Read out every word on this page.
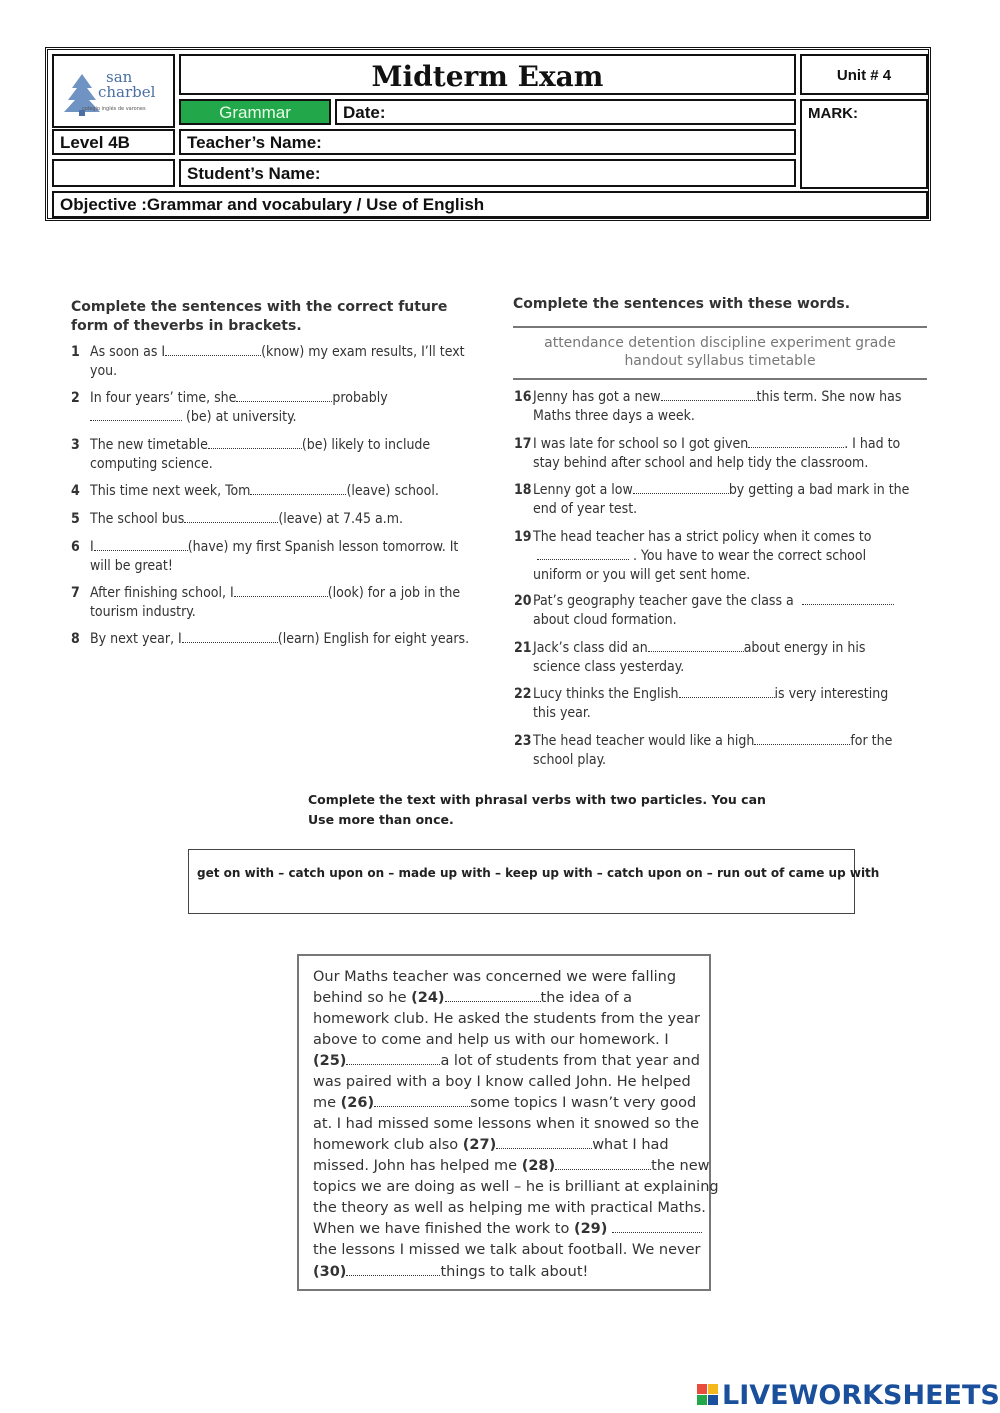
san
charbel
colegio inglés de varones
Midterm Exam	Unit # 4
Grammar	Date:	MARK:
Level 4B	Teacher’s Name:
Student’s Name:
Objective :Grammar and vocabulary / Use of English
Complete the sentences with the correct future form of theverbs in brackets.
1 As soon as I	(know) my exam results, I’ll text
you.
2 In four years’ time, she	probably
(be) at university.
3 The new timetable	(be) likely to include
computing science.
4 This time next week, Tom	(leave) school.
5 The school bus	(leave) at 7.45 a.m.
6 I	(have) my first Spanish lesson tomorrow. It
will be great!
7 After finishing school, I	(look) for a job in the
tourism industry.
8 By next year, I	(learn) English for eight years.
Complete the sentences with these words.
attendance detention discipline experiment grade
handout syllabus timetable
16 Jenny has got a new	this term. She now has
Maths three days a week.
17 I was late for school so I got given	. I had to
stay behind after school and help tidy the classroom.
18 Lenny got a low	by getting a bad mark in the
end of year test.
19 The head teacher has a strict policy when it comes to
. You have to wear the correct school
uniform or you will get sent home.
20 Pat’s geography teacher gave the class a
about cloud formation.
21 Jack’s class did an	about energy in his
science class yesterday.
22 Lucy thinks the English	is very interesting
this year.
23 The head teacher would like a high	for the
school play.
Complete the text with phrasal verbs with two particles. You can
Use more than once.
get on with – catch upon on – made up with – keep up with – catch upon on – run out of came up with
Our Maths teacher was concerned we were falling
behind so he (24)	the idea of a
homework club. He asked the students from the year
above to come and help us with our homework. I
(25)	a lot of students from that year and
was paired with a boy I know called John. He helped
me (26)	some topics I wasn’t very good
at. I had missed some lessons when it snowed so the
homework club also (27)	what I had
missed. John has helped me (28)	the new
topics we are doing as well – he is brilliant at explaining
the theory as well as helping me with practical Maths.
When we have finished the work to (29)
the lessons I missed we talk about football. We never
(30)	things to talk about!
LIVEWORKSHEETS
